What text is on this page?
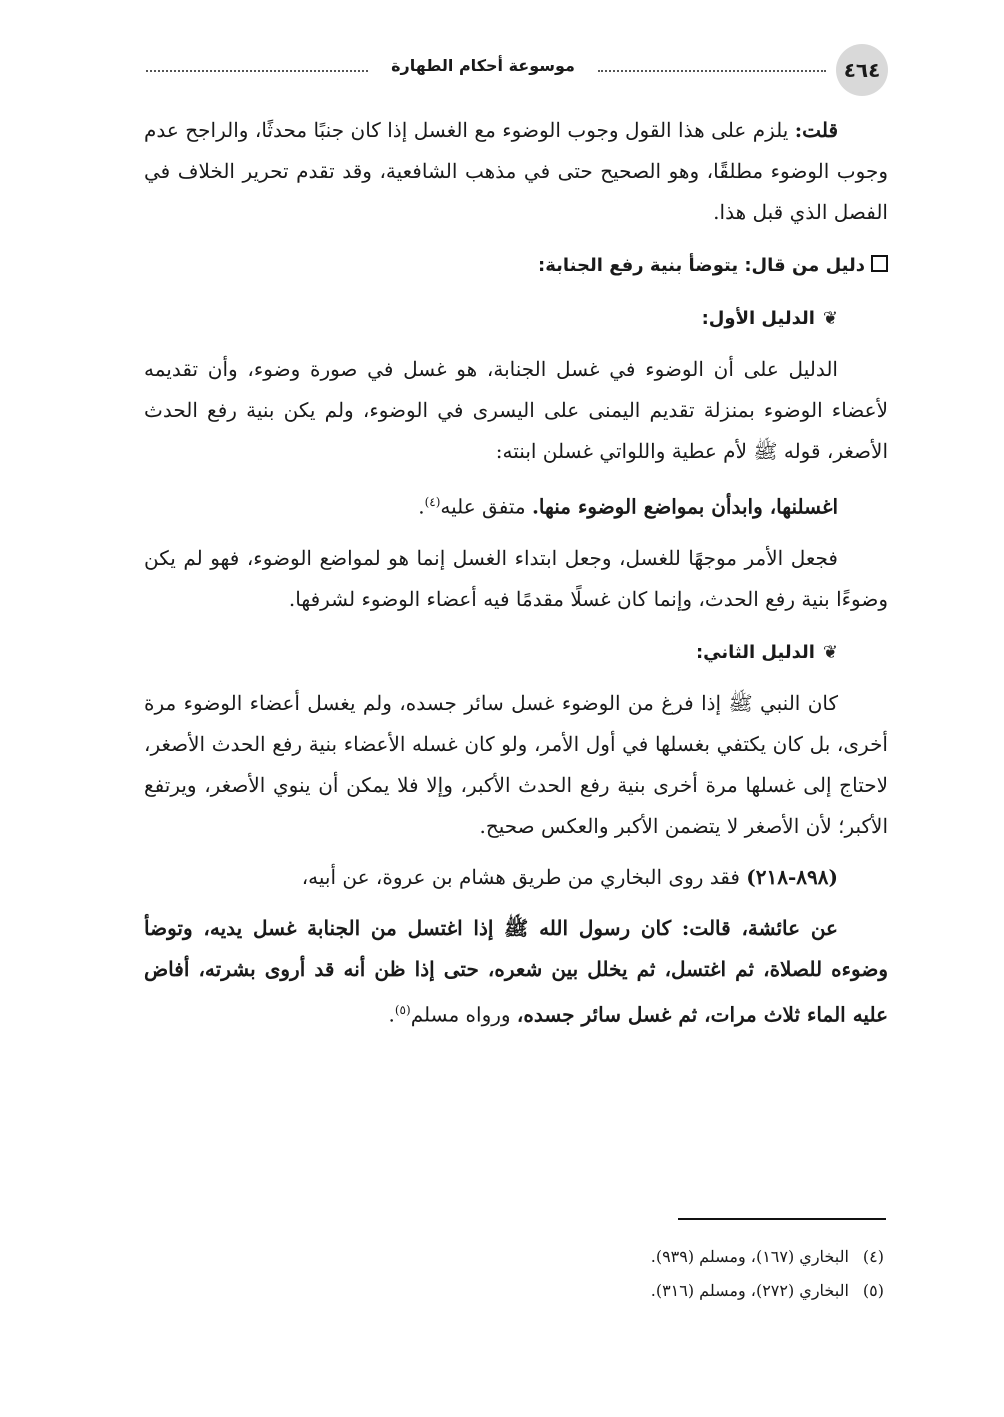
٤٦٤
موسوعة أحكام الطهارة

قلت: يلزم على هذا القول وجوب الوضوء مع الغسل إذا كان جنبًا محدثًا، والراجح عدم وجوب الوضوء مطلقًا، وهو الصحيح حتى في مذهب الشافعية، وقد تقدم تحرير الخلاف في الفصل الذي قبل هذا.

دليل من قال: يتوضأ بنية رفع الجنابة:
❦الدليل الأول:

الدليل على أن الوضوء في غسل الجنابة، هو غسل في صورة وضوء، وأن تقديمه لأعضاء الوضوء بمنزلة تقديم اليمنى على اليسرى في الوضوء، ولم يكن بنية رفع الحدث الأصغر، قوله ﷺ لأم عطية واللواتي غسلن ابنته:

اغسلنها، وابدأن بمواضع الوضوء منها. متفق عليه$^{(٤)}$.

فجعل الأمر موجهًا للغسل، وجعل ابتداء الغسل إنما هو لمواضع الوضوء، فهو لم يكن وضوءًا بنية رفع الحدث، وإنما كان غسلًا مقدمًا فيه أعضاء الوضوء لشرفها.

❦الدليل الثاني:

كان النبي ﷺ إذا فرغ من الوضوء غسل سائر جسده، ولم يغسل أعضاء الوضوء مرة أخرى، بل كان يكتفي بغسلها في أول الأمر، ولو كان غسله الأعضاء بنية رفع الحدث الأصغر، لاحتاج إلى غسلها مرة أخرى بنية رفع الحدث الأكبر، وإلا فلا يمكن أن ينوي الأصغر، ويرتفع الأكبر؛ لأن الأصغر لا يتضمن الأكبر والعكس صحيح.

(٨٩٨-٢١٨) فقد روى البخاري من طريق هشام بن عروة، عن أبيه،

عن عائشة، قالت: كان رسول الله ﷺ إذا اغتسل من الجنابة غسل يديه، وتوضأ وضوءه للصلاة، ثم اغتسل، ثم يخلل بين شعره، حتى إذا ظن أنه قد أروى بشرته، أفاض عليه الماء ثلاث مرات، ثم غسل سائر جسده، ورواه مسلم$^{(٥)}$.

(٤) البخاري (١٦٧)، ومسلم (٩٣٩).
(٥) البخاري (٢٧٢)، ومسلم (٣١٦).
